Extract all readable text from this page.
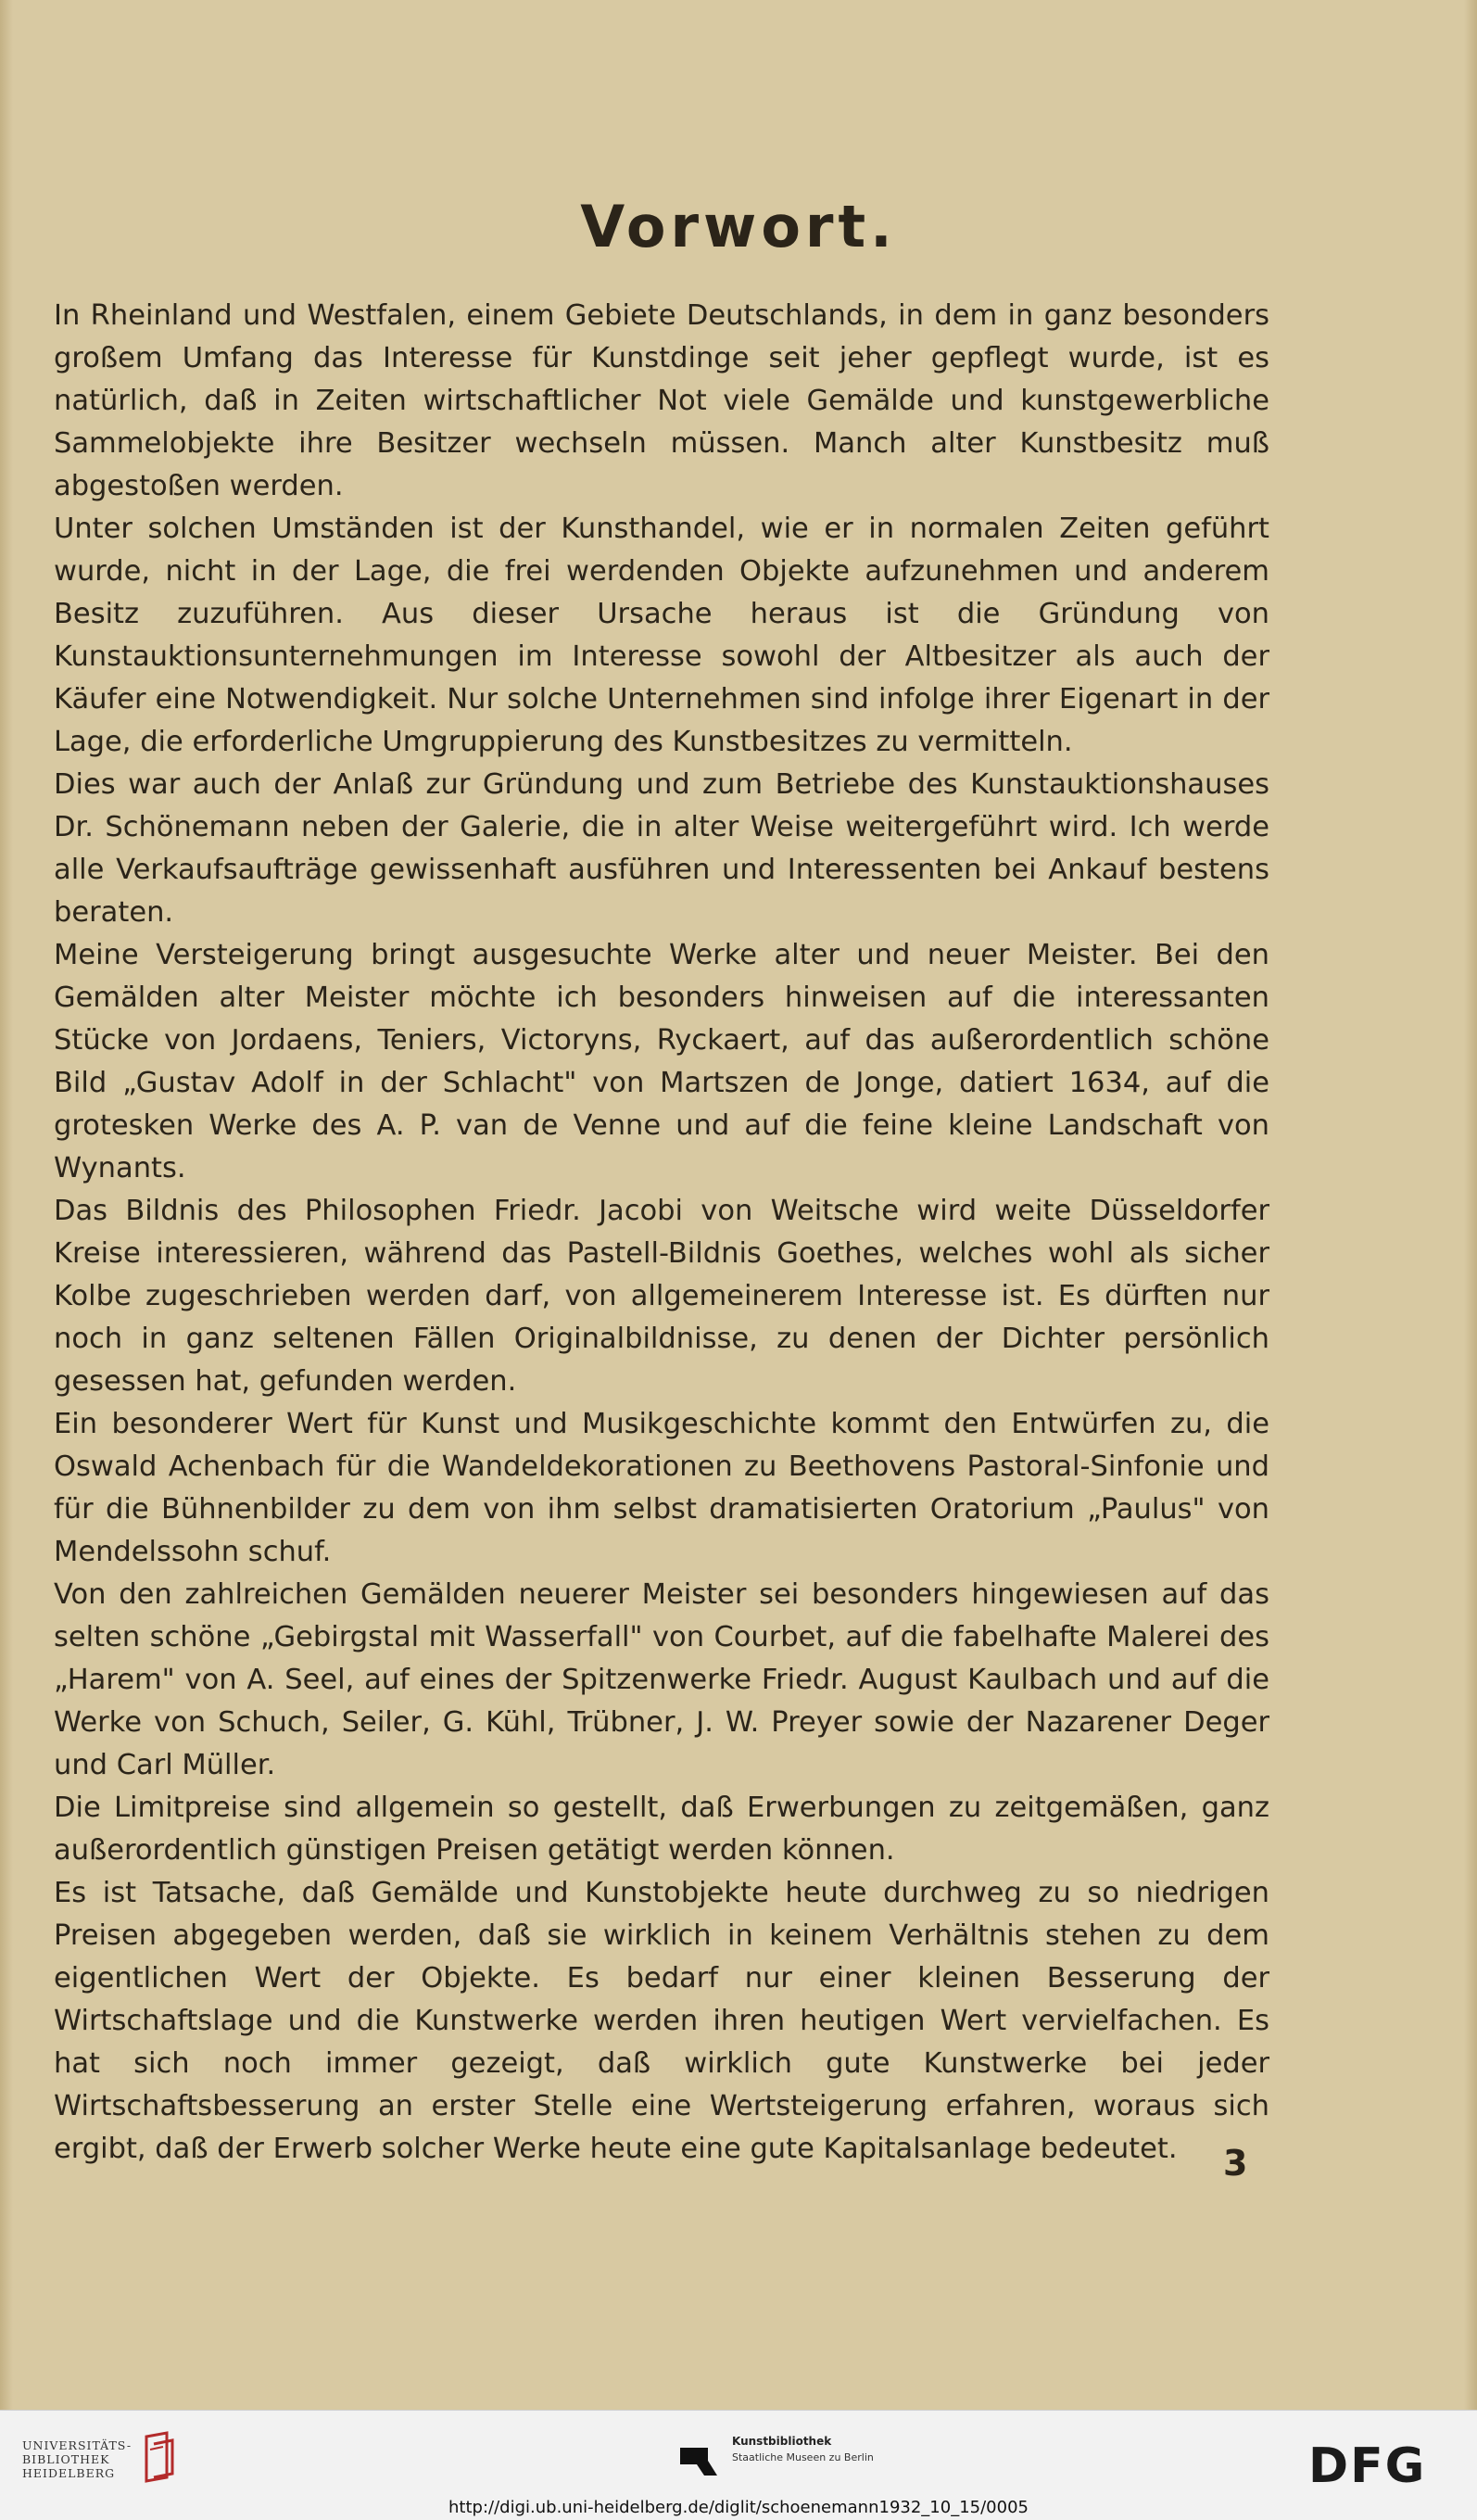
Vorwort.

In Rheinland und Westfalen, einem Gebiete Deutschlands, in dem in ganz besonders großem Umfang das Interesse für Kunstdinge seit jeher gepflegt wurde, ist es natürlich, daß in Zeiten wirtschaftlicher Not viele Gemälde und kunstgewerbliche Sammelobjekte ihre Besitzer wechseln müssen. Manch alter Kunstbesitz muß abgestoßen werden.

Unter solchen Umständen ist der Kunsthandel, wie er in normalen Zeiten geführt wurde, nicht in der Lage, die frei werdenden Objekte aufzunehmen und anderem Besitz zuzuführen. Aus dieser Ursache heraus ist die Gründung von Kunstauktionsunternehmungen im Interesse sowohl der Altbesitzer als auch der Käufer eine Notwendigkeit. Nur solche Unternehmen sind infolge ihrer Eigenart in der Lage, die erforderliche Umgruppierung des Kunstbesitzes zu vermitteln.

Dies war auch der Anlaß zur Gründung und zum Betriebe des Kunstauktionshauses Dr. Schönemann neben der Galerie, die in alter Weise weitergeführt wird. Ich werde alle Verkaufsaufträge gewissenhaft ausführen und Interessenten bei Ankauf bestens beraten.

Meine Versteigerung bringt ausgesuchte Werke alter und neuer Meister. Bei den Gemälden alter Meister möchte ich besonders hinweisen auf die interessanten Stücke von Jordaens, Teniers, Victoryns, Ryckaert, auf das außerordentlich schöne Bild „Gustav Adolf in der Schlacht" von Martszen de Jonge, datiert 1634, auf die grotesken Werke des A. P. van de Venne und auf die feine kleine Landschaft von Wynants.

Das Bildnis des Philosophen Friedr. Jacobi von Weitsche wird weite Düsseldorfer Kreise interessieren, während das Pastell-Bildnis Goethes, welches wohl als sicher Kolbe zugeschrieben werden darf, von allgemeinerem Interesse ist. Es dürften nur noch in ganz seltenen Fällen Originalbildnisse, zu denen der Dichter persönlich gesessen hat, gefunden werden.

Ein besonderer Wert für Kunst und Musikgeschichte kommt den Entwürfen zu, die Oswald Achenbach für die Wandeldekorationen zu Beethovens Pastoral-Sinfonie und für die Bühnenbilder zu dem von ihm selbst dramatisierten Oratorium „Paulus" von Mendelssohn schuf.

Von den zahlreichen Gemälden neuerer Meister sei besonders hingewiesen auf das selten schöne „Gebirgstal mit Wasserfall" von Courbet, auf die fabelhafte Malerei des „Harem" von A. Seel, auf eines der Spitzenwerke Friedr. August Kaulbach und auf die Werke von Schuch, Seiler, G. Kühl, Trübner, J. W. Preyer sowie der Nazarener Deger und Carl Müller.

Die Limitpreise sind allgemein so gestellt, daß Erwerbungen zu zeitgemäßen, ganz außerordentlich günstigen Preisen getätigt werden können.

Es ist Tatsache, daß Gemälde und Kunstobjekte heute durchweg zu so niedrigen Preisen abgegeben werden, daß sie wirklich in keinem Verhältnis stehen zu dem eigentlichen Wert der Objekte. Es bedarf nur einer kleinen Besserung der Wirtschaftslage und die Kunstwerke werden ihren heutigen Wert vervielfachen. Es hat sich noch immer gezeigt, daß wirklich gute Kunstwerke bei jeder Wirtschaftsbesserung an erster Stelle eine Wertsteigerung erfahren, woraus sich ergibt, daß der Erwerb solcher Werke heute eine gute Kapitalsanlage bedeutet.	3
UNIVERSITÄTS-
BIBLIOTHEK
HEIDELBERG
Kunstbibliothek
Staatliche Museen zu Berlin	DFG
http://digi.ub.uni-heidelberg.de/diglit/schoenemann1932_10_15/0005
